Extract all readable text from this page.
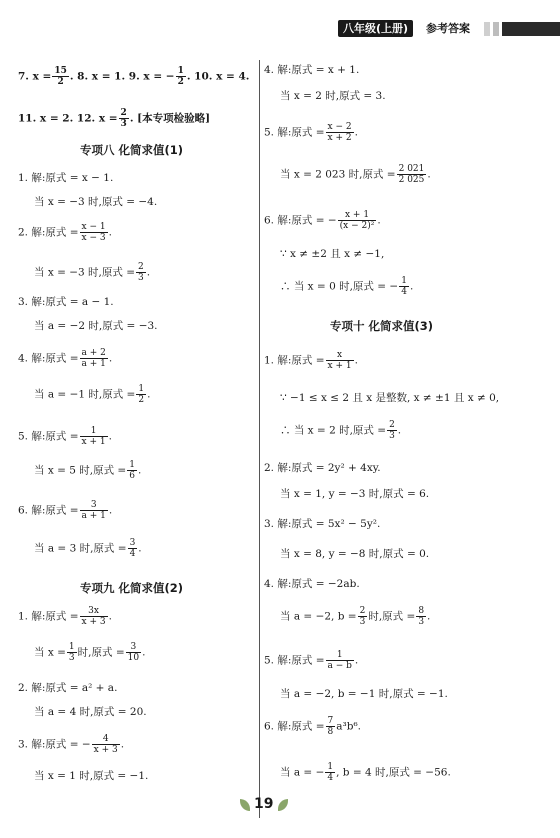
八年级(上册)	参考答案
7. $x = \frac{15}{2}$ . 8. x = 1. 9. x = − $\frac{1}{2}$ . 10. x = 4.
11. x = 2. 12. $x = \frac{2}{3}$ . [本专项检验略]
专项八 化简求值(1)
1. 解:原式 = x − 1.
当 x = −3 时,原式 = −4.
2. 解:原式 = $\frac{x - 1}{x - 3}$ .
当 x = −3 时,原式 = $\frac{2}{3}$ .
3. 解:原式 = a − 1.
当 a = −2 时,原式 = −3.
4. 解:原式 = $\frac{a + 2}{a + 1}$ .
当 a = −1 时,原式 = $\frac{1}{2}$ .
5. 解:原式 = $\frac{1}{x + 1}$ .
当 x = 5 时,原式 = $\frac{1}{6}$ .
6. 解:原式 = $\frac{3}{a + 1}$ .
当 a = 3 时,原式 = $\frac{3}{4}$ .
专项九 化简求值(2)
1. 解:原式 = $\frac{3x}{x + 3}$ .
当 $x = \frac{1}{3}$ 时,原式 = $\frac{3}{10}$ .
2. 解:原式 = a² + a.
当 a = 4 时,原式 = 20.
3. 解:原式 = − $\frac{4}{x + 3}$ .
当 x = 1 时,原式 = −1.
4. 解:原式 = x + 1.
当 x = 2 时,原式 = 3.
5. 解:原式 = $\frac{x - 2}{x + 2}$ .
当 x = 2 023 时,原式 = $\frac{2 021}{2 025}$ .
6. 解:原式 = − $\frac{x + 1}{\text{(x − 2)²}}$ .
∵ x ≠ ±2 且 x ≠ −1,
∴ 当 x = 0 时,原式 = − $\frac{1}{4}$ .
专项十 化简求值(3)
1. 解:原式 = $\frac{x}{x + 1}$ .
∵ −1 ≤ x ≤ 2 且 x 是整数, x ≠ ±1 且 x ≠ 0,
∴ 当 x = 2 时,原式 = $\frac{2}{3}$ .
2. 解:原式 = 2y² + 4xy.
当 x = 1, y = −3 时,原式 = 6.
3. 解:原式 = 5x² − 5y².
当 x = 8, y = −8 时,原式 = 0.
4. 解:原式 = −2ab.
当 a = −2, $b = \frac{2}{3}$ 时,原式 = $\frac{8}{3}$ .
5. 解:原式 = $\frac{1}{a - b}$ .
当 a = −2, b = −1 时,原式 = −1.
6. 解:原式 = $\frac{7}{8} a^3b^6$.
当 a = − $\frac{1}{4}$ , b = 4 时,原式 = −56.
19
